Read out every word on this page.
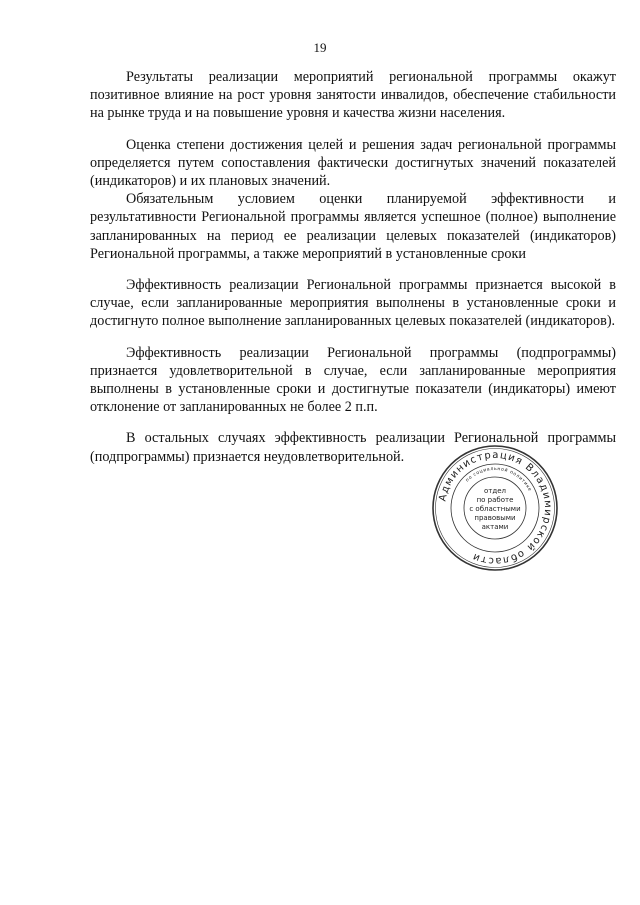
19

Результаты реализации мероприятий региональной программы окажут позитивное влияние на рост уровня занятости инвалидов, обеспечение стабильности на рынке труда и на повышение уровня и качества жизни населения.

Оценка степени достижения целей и решения задач региональной программы определяется путем сопоставления фактически достигнутых значений показателей (индикаторов) и их плановых значений.

Обязательным условием оценки планируемой эффективности и результативности Региональной программы является успешное (полное) выполнение запланированных на период ее реализации целевых показателей (индикаторов) Региональной программы, а также мероприятий в установленные сроки

Эффективность реализации Региональной программы признается высокой в случае, если запланированные мероприятия выполнены в установленные сроки и достигнуто полное выполнение запланированных целевых показателей (индикаторов).

Эффективность реализации Региональной программы (подпрограммы) признается удовлетворительной в случае, если запланированные мероприятия выполнены в установленные сроки и достигнутые показатели (индикаторы) имеют отклонение от запланированных не более 2 п.п.

В остальных случаях эффективность реализации Региональной программы (подпрограммы) признается неудовлетворительной.

Администрация Владимирской области
по социальной политике
отдел
по работе
с областными
правовыми
актами
